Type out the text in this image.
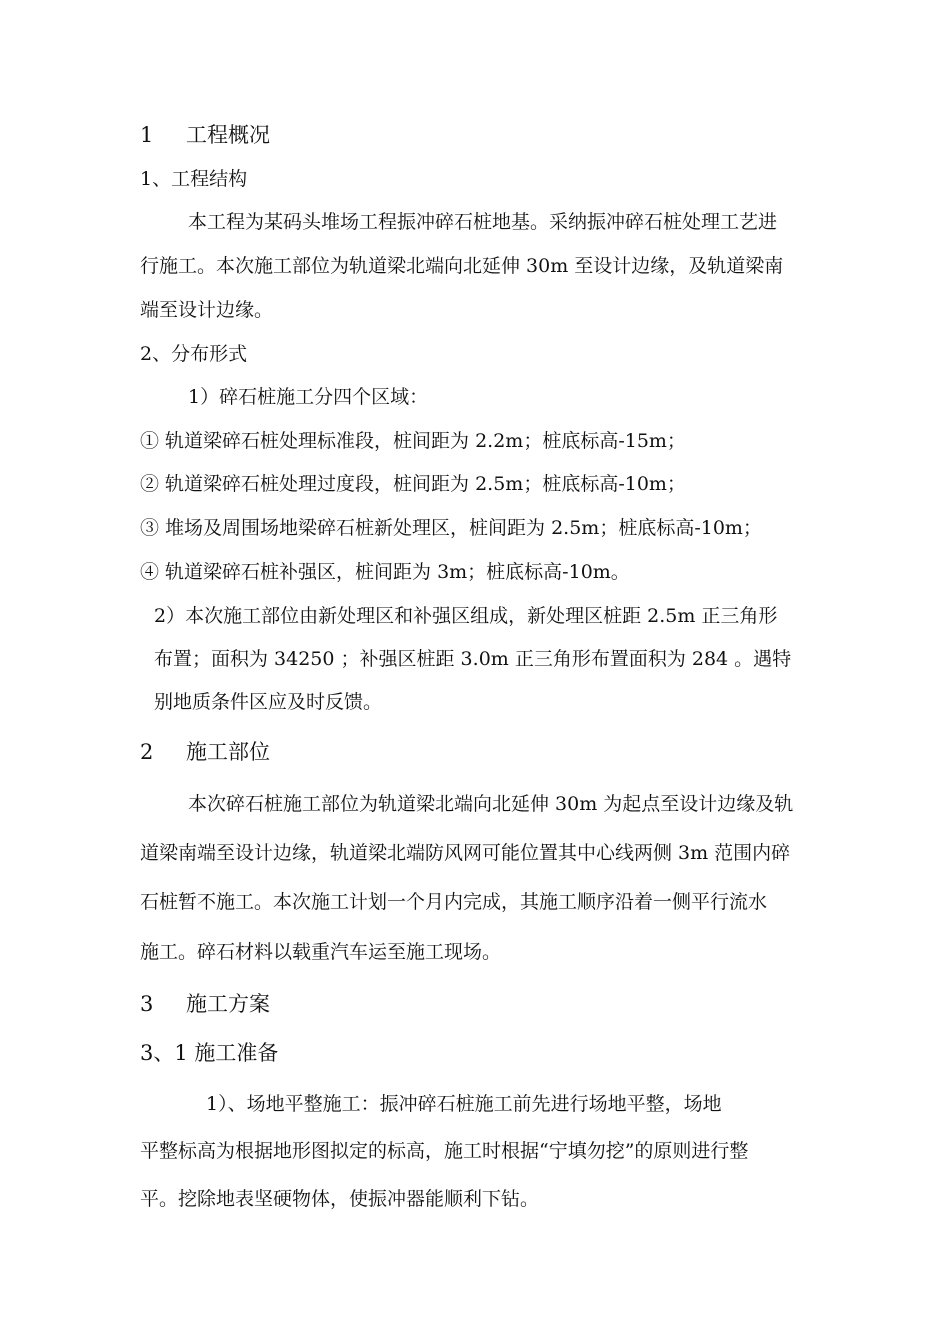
1 工程概况
1、工程结构
本工程为某码头堆场工程振冲碎石桩地基。采纳振冲碎石桩处理工艺进
行施工。本次施工部位为轨道梁北端向北延伸 30m 至设计边缘，及轨道梁南
端至设计边缘。
2、分布形式
1）碎石桩施工分四个区域：
① 轨道梁碎石桩处理标准段，桩间距为 2.2m；桩底标高-15m；
② 轨道梁碎石桩处理过度段，桩间距为 2.5m；桩底标高-10m；
③ 堆场及周围场地梁碎石桩新处理区，桩间距为 2.5m；桩底标高-10m；
④ 轨道梁碎石桩补强区，桩间距为 3m；桩底标高-10m。
2）本次施工部位由新处理区和补强区组成，新处理区桩距 2.5m 正三角形
布置；面积为 34250 ；补强区桩距 3.0m 正三角形布置面积为 284 。遇特
别地质条件区应及时反馈。
2 施工部位
本次碎石桩施工部位为轨道梁北端向北延伸 30m 为起点至设计边缘及轨
道梁南端至设计边缘，轨道梁北端防风网可能位置其中心线两侧 3m 范围内碎
石桩暂不施工。本次施工计划一个月内完成，其施工顺序沿着一侧平行流水
施工。碎石材料以载重汽车运至施工现场。
3 施工方案
3、1 施工准备
1）、场地平整施工：振冲碎石桩施工前先进行场地平整，场地
平整标高为根据地形图拟定的标高，施工时根据“宁填勿挖”的原则进行整
平。挖除地表坚硬物体，使振冲器能顺利下钻。
